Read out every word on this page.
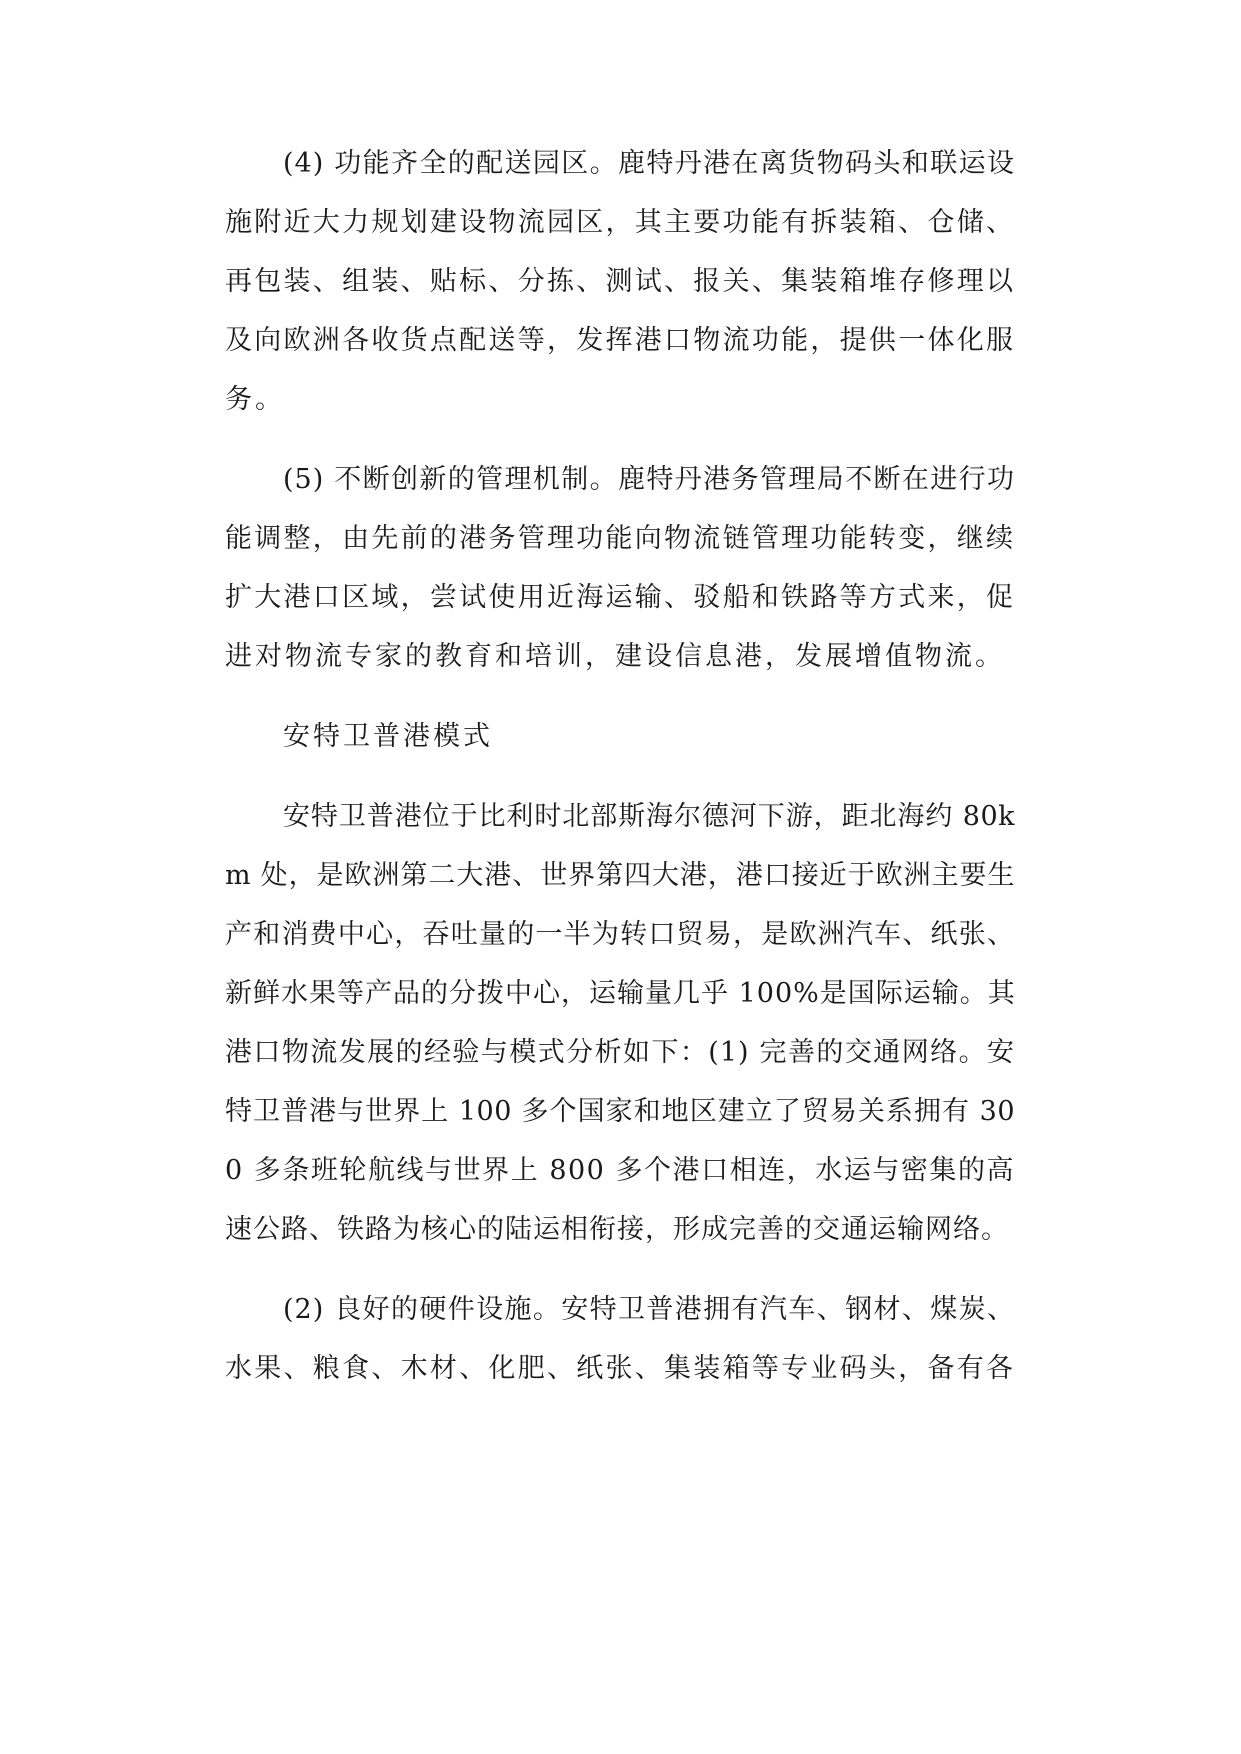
(4) 功能齐全的配送园区。鹿特丹港在离货物码头和联运设
施附近大力规划建设物流园区，其主要功能有拆装箱、仓储、
再包装、组装、贴标、分拣、测试、报关、集装箱堆存修理以
及向欧洲各收货点配送等，发挥港口物流功能，提供一体化服
务。
(5) 不断创新的管理机制。鹿特丹港务管理局不断在进行功
能调整，由先前的港务管理功能向物流链管理功能转变，继续
扩大港口区域，尝试使用近海运输、驳船和铁路等方式来，促
进对物流专家的教育和培训，建设信息港，发展增值物流。
安特卫普港模式
安特卫普港位于比利时北部斯海尔德河下游，距北海约 80k
m 处，是欧洲第二大港、世界第四大港，港口接近于欧洲主要生
产和消费中心，吞吐量的一半为转口贸易，是欧洲汽车、纸张、
新鲜水果等产品的分拨中心，运输量几乎 100%是国际运输。其
港口物流发展的经验与模式分析如下：(1) 完善的交通网络。安
特卫普港与世界上 100 多个国家和地区建立了贸易关系拥有 30
0 多条班轮航线与世界上 800 多个港口相连，水运与密集的高
速公路、铁路为核心的陆运相衔接，形成完善的交通运输网络。
(2) 良好的硬件设施。安特卫普港拥有汽车、钢材、煤炭、
水果、粮食、木材、化肥、纸张、集装箱等专业码头，备有各
